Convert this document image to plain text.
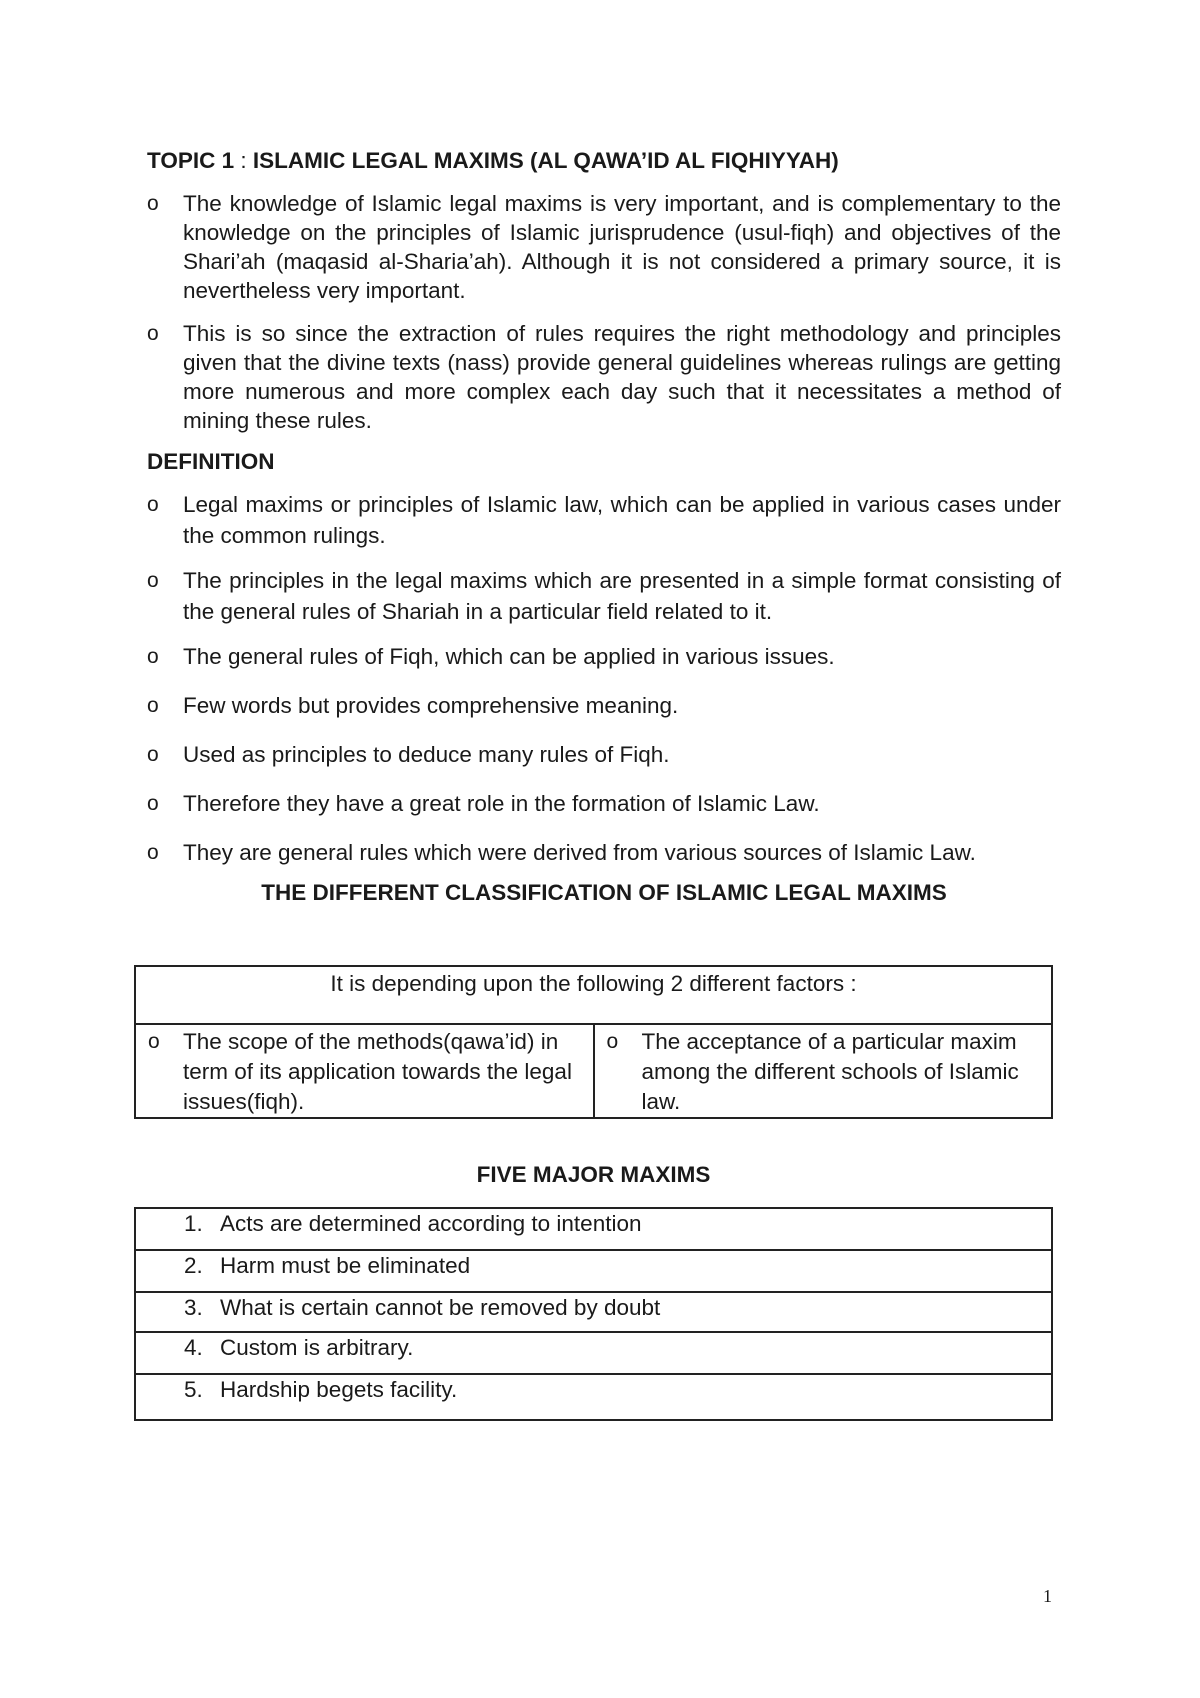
TOPIC 1 : ISLAMIC LEGAL MAXIMS (AL QAWA’ID AL FIQHIYYAH)

o The knowledge of Islamic legal maxims is very important, and is complementary to the knowledge on the principles of Islamic jurisprudence (usul-fiqh) and objectives of the Shari’ah (maqasid al-Sharia’ah). Although it is not considered a primary source, it is nevertheless very important.
o This is so since the extraction of rules requires the right methodology and principles given that the divine texts (nass) provide general guidelines whereas rulings are getting more numerous and more complex each day such that it necessitates a method of mining these rules.

DEFINITION

o Legal maxims or principles of Islamic law, which can be applied in various cases under the common rulings.
o The principles in the legal maxims which are presented in a simple format consisting of the general rules of Shariah in a particular field related to it.
o The general rules of Fiqh, which can be applied in various issues.
o Few words but provides comprehensive meaning.
o Used as principles to deduce many rules of Fiqh.
o Therefore they have a great role in the formation of Islamic Law.
o They are general rules which were derived from various sources of Islamic Law.

THE DIFFERENT CLASSIFICATION OF ISLAMIC LEGAL MAXIMS

It is depending upon the following 2 different factors :

o The scope of the methods(qawa’id) in term of its application towards the legal issues(fiqh).	
o The acceptance of a particular maxim among the different schools of Islamic law.
FIVE MAJOR MAXIMS
1. Acts are determined according to intention
2. Harm must be eliminated
3. What is certain cannot be removed by doubt
4. Custom is arbitrary.
5. Hardship begets facility.
1
